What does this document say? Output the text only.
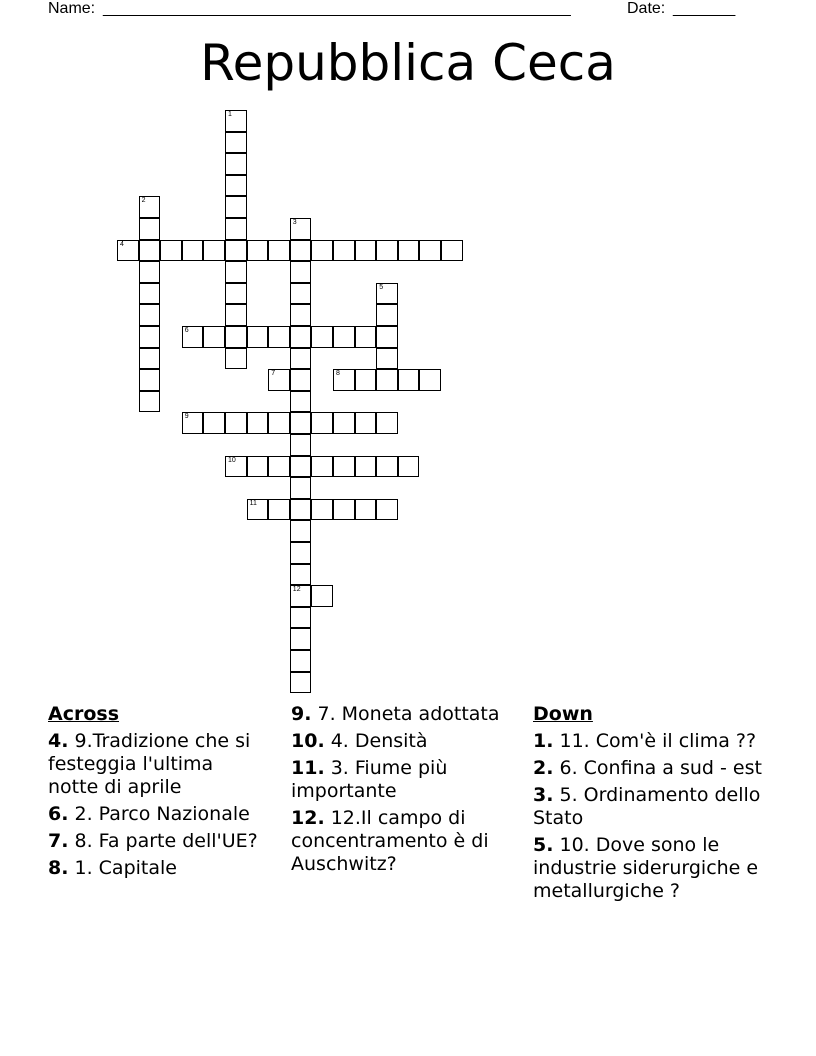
Name: _______________________________________________________	Date: _______
Repubblica Ceca
1
2
3
12
4
5
6
7	8
9
10
11
Across
4. 9.Tradizione che si festeggia l'ultima notte di aprile
6. 2. Parco Nazionale
7. 8. Fa parte dell'UE?
8. 1. Capitale
9. 7. Moneta adottata
10. 4. Densità
11. 3. Fiume più importante
12. 12.Il campo di concentramento è di Auschwitz?
Down
1. 11. Com'è il clima ??
2. 6. Confina a sud - est
3. 5. Ordinamento dello Stato
5. 10. Dove sono le industrie siderurgiche e metallurgiche ?
